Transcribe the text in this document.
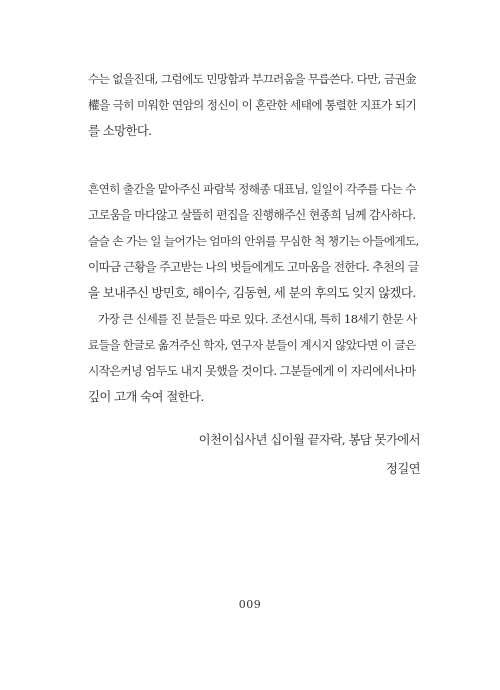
수는 없을진대, 그럼에도 민망함과 부끄러움을 무릅쓴다. 다만, 금권金
權을 극히 미워한 연암의 정신이 이 혼란한 세태에 통렬한 지표가 되기
를 소망한다.
흔연히 출간을 맡아주신 파람북 정해종 대표님, 일일이 각주를 다는 수
고로움을 마다않고 살뜰히 편집을 진행해주신 현종희 님께 감사하다.
슬슬 손 가는 일 늘어가는 엄마의 안위를 무심한 척 챙기는 아들에게도,
이따금 근황을 주고받는 나의 벗들에게도 고마움을 전한다. 추천의 글
을 보내주신 방민호, 해이수, 김동현, 세 분의 후의도 잊지 않겠다.
가장 큰 신세를 진 분들은 따로 있다. 조선시대, 특히 18세기 한문 사
료들을 한글로 옮겨주신 학자, 연구자 분들이 계시지 않았다면 이 글은
시작은커녕 엄두도 내지 못했을 것이다. 그분들에게 이 자리에서나마
깊이 고개 숙여 절한다.
이천이십사년 십이월 끝자락, 봉담 못가에서
정길연
009
